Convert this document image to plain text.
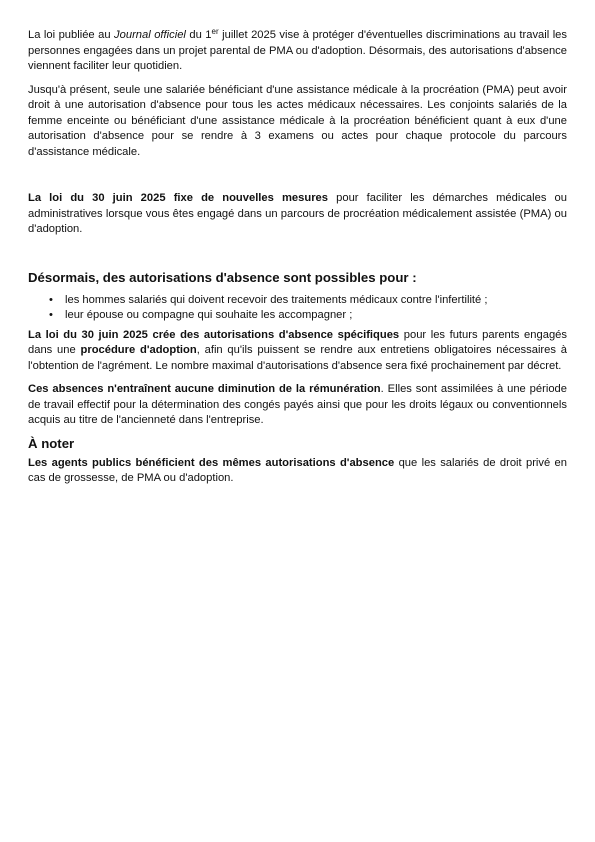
La loi publiée au Journal officiel du 1er juillet 2025 vise à protéger d'éventuelles discriminations au travail les personnes engagées dans un projet parental de PMA ou d'adoption. Désormais, des autorisations d'absence viennent faciliter leur quotidien.

Jusqu'à présent, seule une salariée bénéficiant d'une assistance médicale à la procréation (PMA) peut avoir droit à une autorisation d'absence pour tous les actes médicaux nécessaires. Les conjoints salariés de la femme enceinte ou bénéficiant d'une assistance médicale à la procréation bénéficient quant à eux d'une autorisation d'absence pour se rendre à 3 examens ou actes pour chaque protocole du parcours d'assistance médicale.

La loi du 30 juin 2025 fixe de nouvelles mesures pour faciliter les démarches médicales ou administratives lorsque vous êtes engagé dans un parcours de procréation médicalement assistée (PMA) ou d'adoption.

Désormais, des autorisations d'absence sont possibles pour :
• les hommes salariés qui doivent recevoir des traitements médicaux contre l'infertilité ;
• leur épouse ou compagne qui souhaite les accompagner ;

La loi du 30 juin 2025 crée des autorisations d'absence spécifiques pour les futurs parents engagés dans une procédure d'adoption, afin qu'ils puissent se rendre aux entretiens obligatoires nécessaires à l'obtention de l'agrément. Le nombre maximal d'autorisations d'absence sera fixé prochainement par décret.

Ces absences n'entraînent aucune diminution de la rémunération. Elles sont assimilées à une période de travail effectif pour la détermination des congés payés ainsi que pour les droits légaux ou conventionnels acquis au titre de l'ancienneté dans l'entreprise.

À noter

Les agents publics bénéficient des mêmes autorisations d'absence que les salariés de droit privé en cas de grossesse, de PMA ou d'adoption.
